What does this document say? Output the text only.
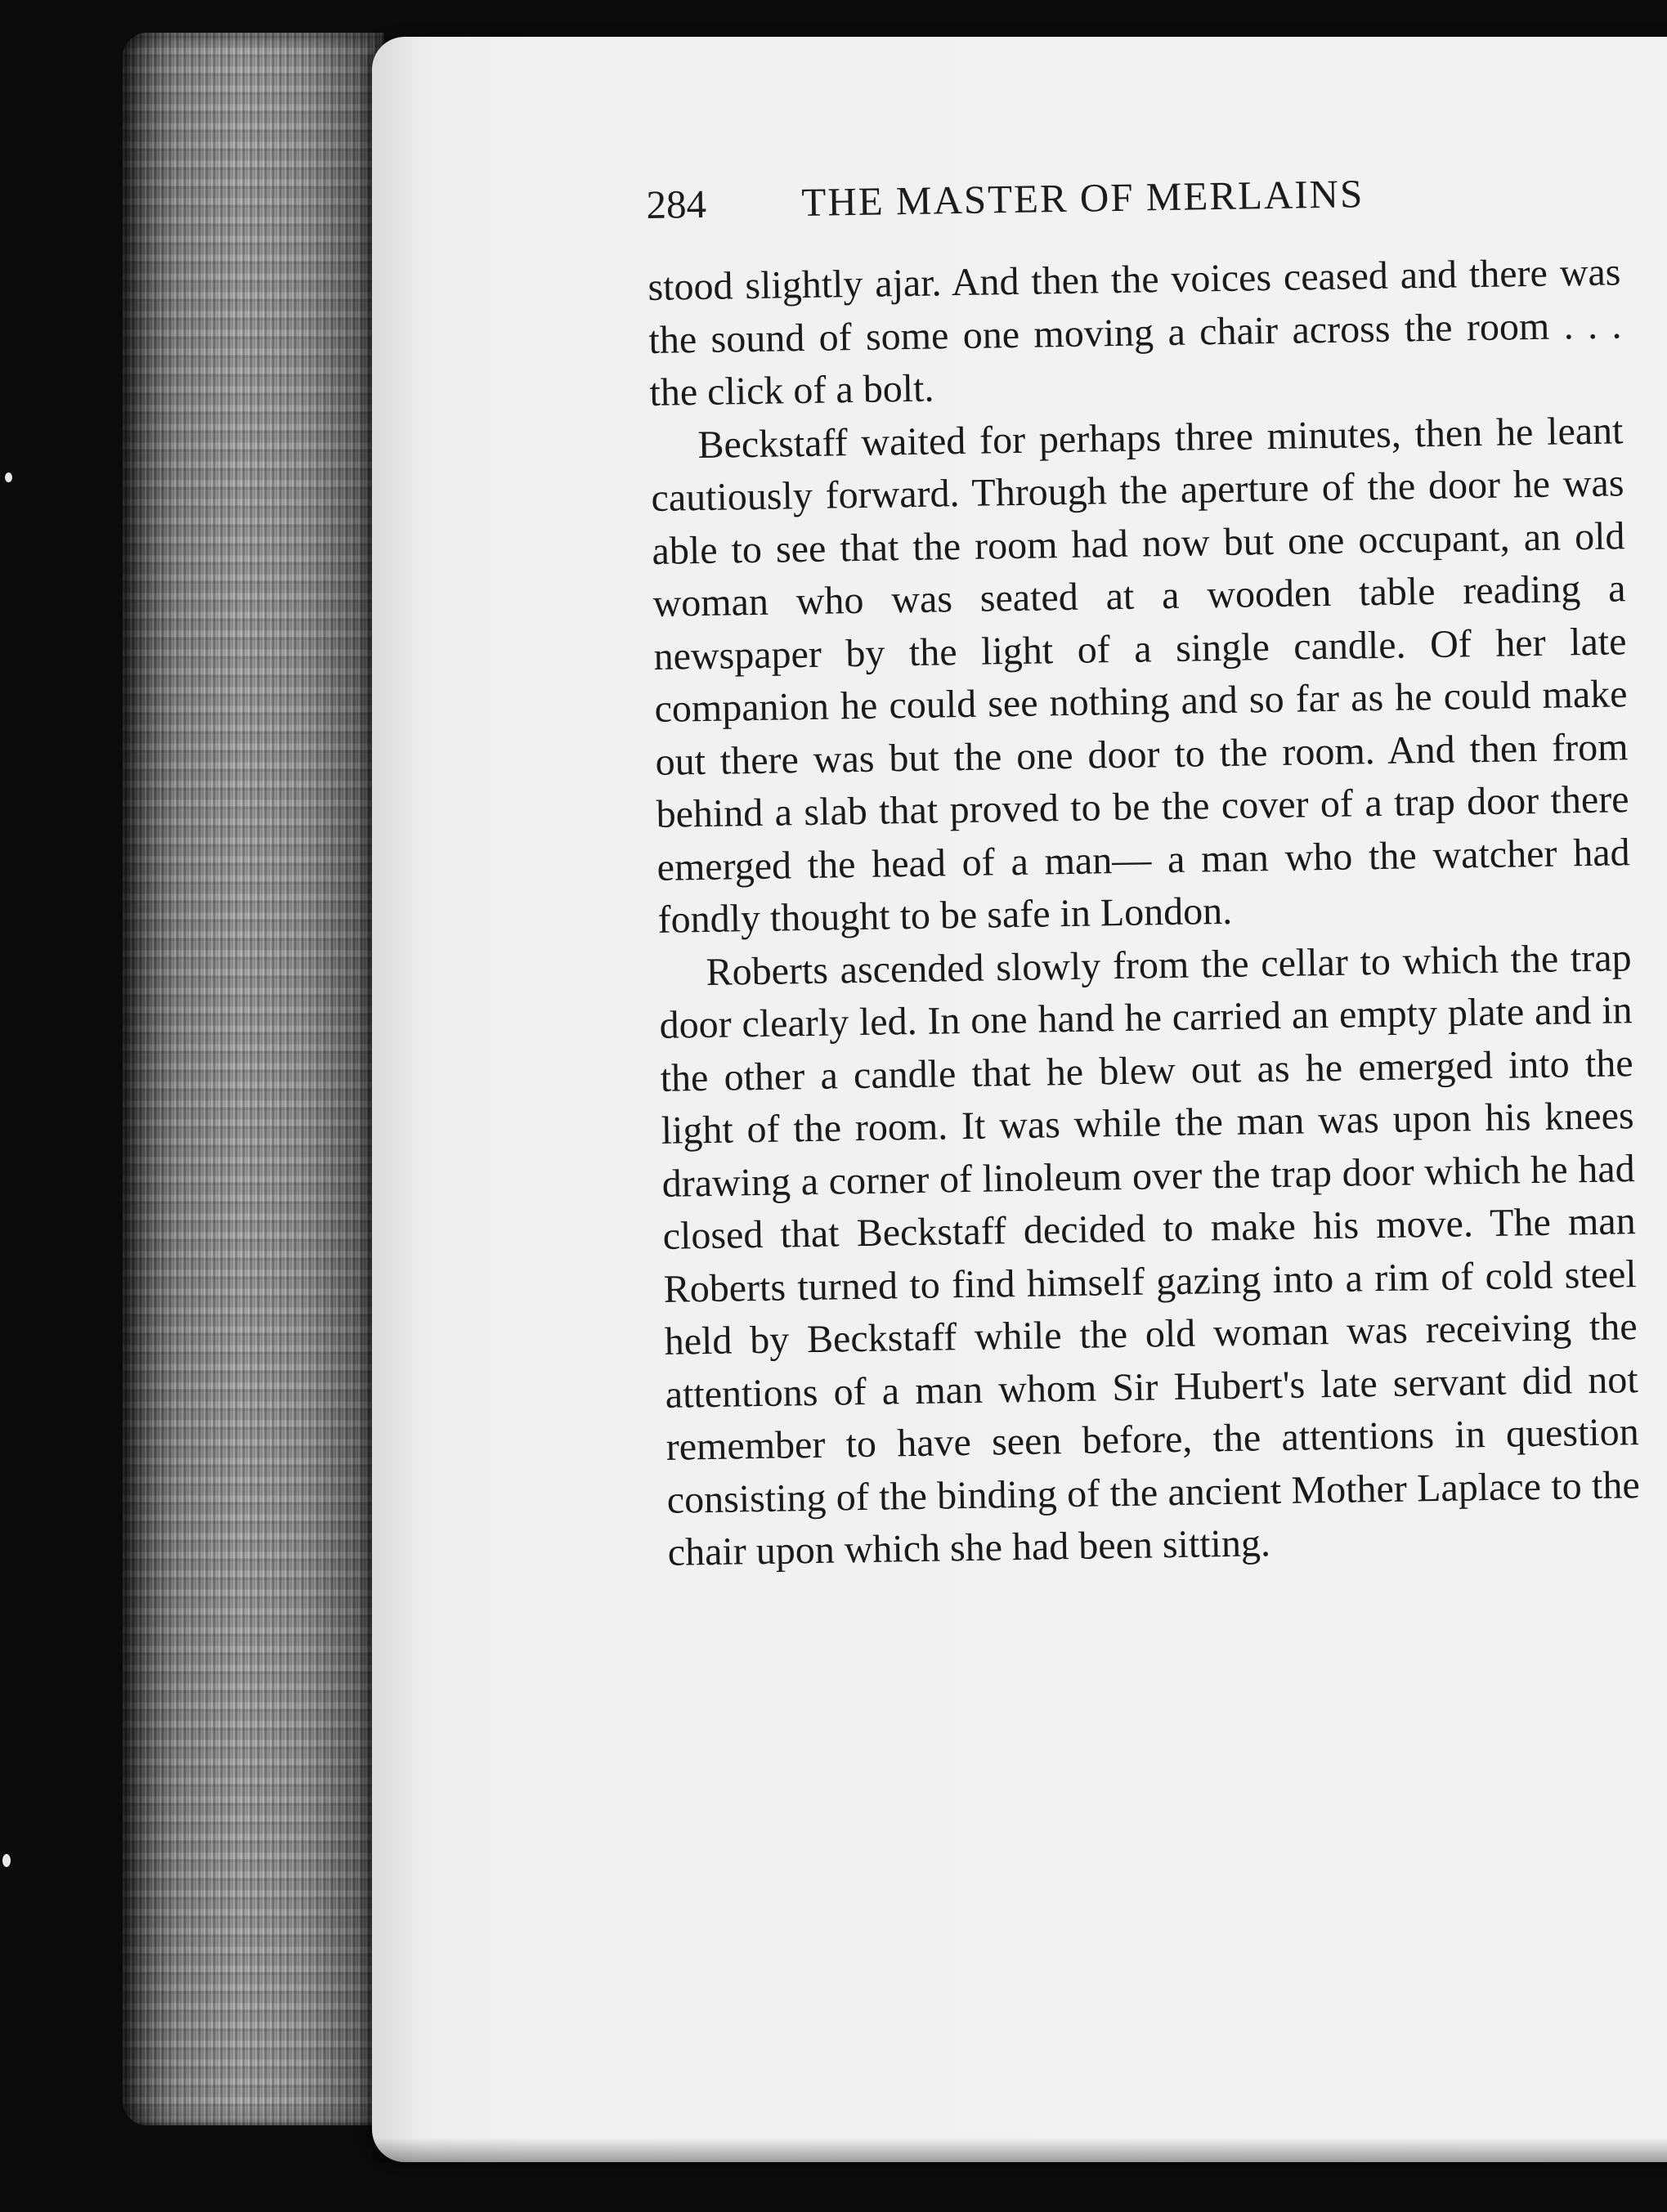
284 THE MASTER OF MERLAINS

stood slightly ajar. And then the voices ceased and there was the sound of some one moving a chair across the room . . . the click of a bolt.

Beckstaff waited for perhaps three minutes, then he leant cautiously forward. Through the aperture of the door he was able to see that the room had now but one occupant, an old woman who was seated at a wooden table reading a newspaper by the light of a single candle. Of her late companion he could see nothing and so far as he could make out there was but the one door to the room. And then from behind a slab that proved to be the cover of a trap door there emerged the head of a man— a man who the watcher had fondly thought to be safe in London.

Roberts ascended slowly from the cellar to which the trap door clearly led. In one hand he carried an empty plate and in the other a candle that he blew out as he emerged into the light of the room. It was while the man was upon his knees drawing a corner of linoleum over the trap door which he had closed that Beckstaff decided to make his move. The man Roberts turned to find himself gazing into a rim of cold steel held by Beckstaff while the old woman was receiving the attentions of a man whom Sir Hubert's late servant did not remember to have seen before, the attentions in question consisting of the binding of the ancient Mother Laplace to the chair upon which she had been sitting.
